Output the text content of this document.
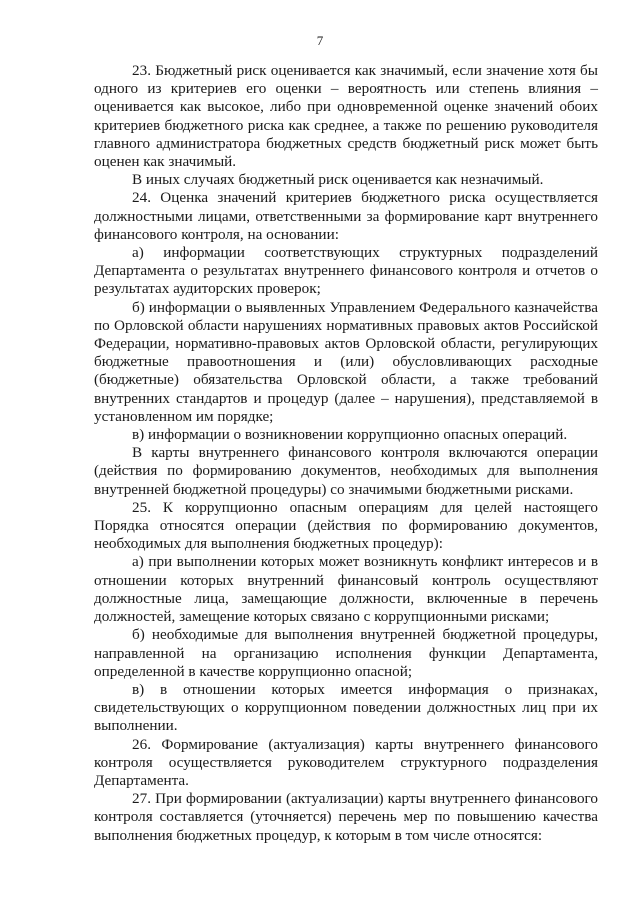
7

23. Бюджетный риск оценивается как значимый, если значение хотя бы одного из критериев его оценки – вероятность или степень влияния – оценивается как высокое, либо при одновременной оценке значений обоих критериев бюджетного риска как среднее, а также по решению руководителя главного администратора бюджетных средств бюджетный риск может быть оценен как значимый.

В иных случаях бюджетный риск оценивается как незначимый.

24. Оценка значений критериев бюджетного риска осуществляется должностными лицами, ответственными за формирование карт внутреннего финансового контроля, на основании:

а) информации соответствующих структурных подразделений Департамента о результатах внутреннего финансового контроля и отчетов о результатах аудиторских проверок;

б) информации о выявленных Управлением Федерального казначейства по Орловской области нарушениях нормативных правовых актов Российской Федерации, нормативно-правовых актов Орловской области, регулирующих бюджетные правоотношения и (или) обусловливающих расходные (бюджетные) обязательства Орловской области, а также требований внутренних стандартов и процедур (далее – нарушения), представляемой в установленном им порядке;

в) информации о возникновении коррупционно опасных операций.

В карты внутреннего финансового контроля включаются операции (действия по формированию документов, необходимых для выполнения внутренней бюджетной процедуры) со значимыми бюджетными рисками.

25. К коррупционно опасным операциям для целей настоящего Порядка относятся операции (действия по формированию документов, необходимых для выполнения бюджетных процедур):

а) при выполнении которых может возникнуть конфликт интересов и в отношении которых внутренний финансовый контроль осуществляют должностные лица, замещающие должности, включенные в перечень должностей, замещение которых связано с коррупционными рисками;

б) необходимые для выполнения внутренней бюджетной процедуры, направленной на организацию исполнения функции Департамента, определенной в качестве коррупционно опасной;

в) в отношении которых имеется информация о признаках, свидетельствующих о коррупционном поведении должностных лиц при их выполнении.

26. Формирование (актуализация) карты внутреннего финансового контроля осуществляется руководителем структурного подразделения Департамента.

27. При формировании (актуализации) карты внутреннего финансового контроля составляется (уточняется) перечень мер по повышению качества выполнения бюджетных процедур, к которым в том числе относятся:
